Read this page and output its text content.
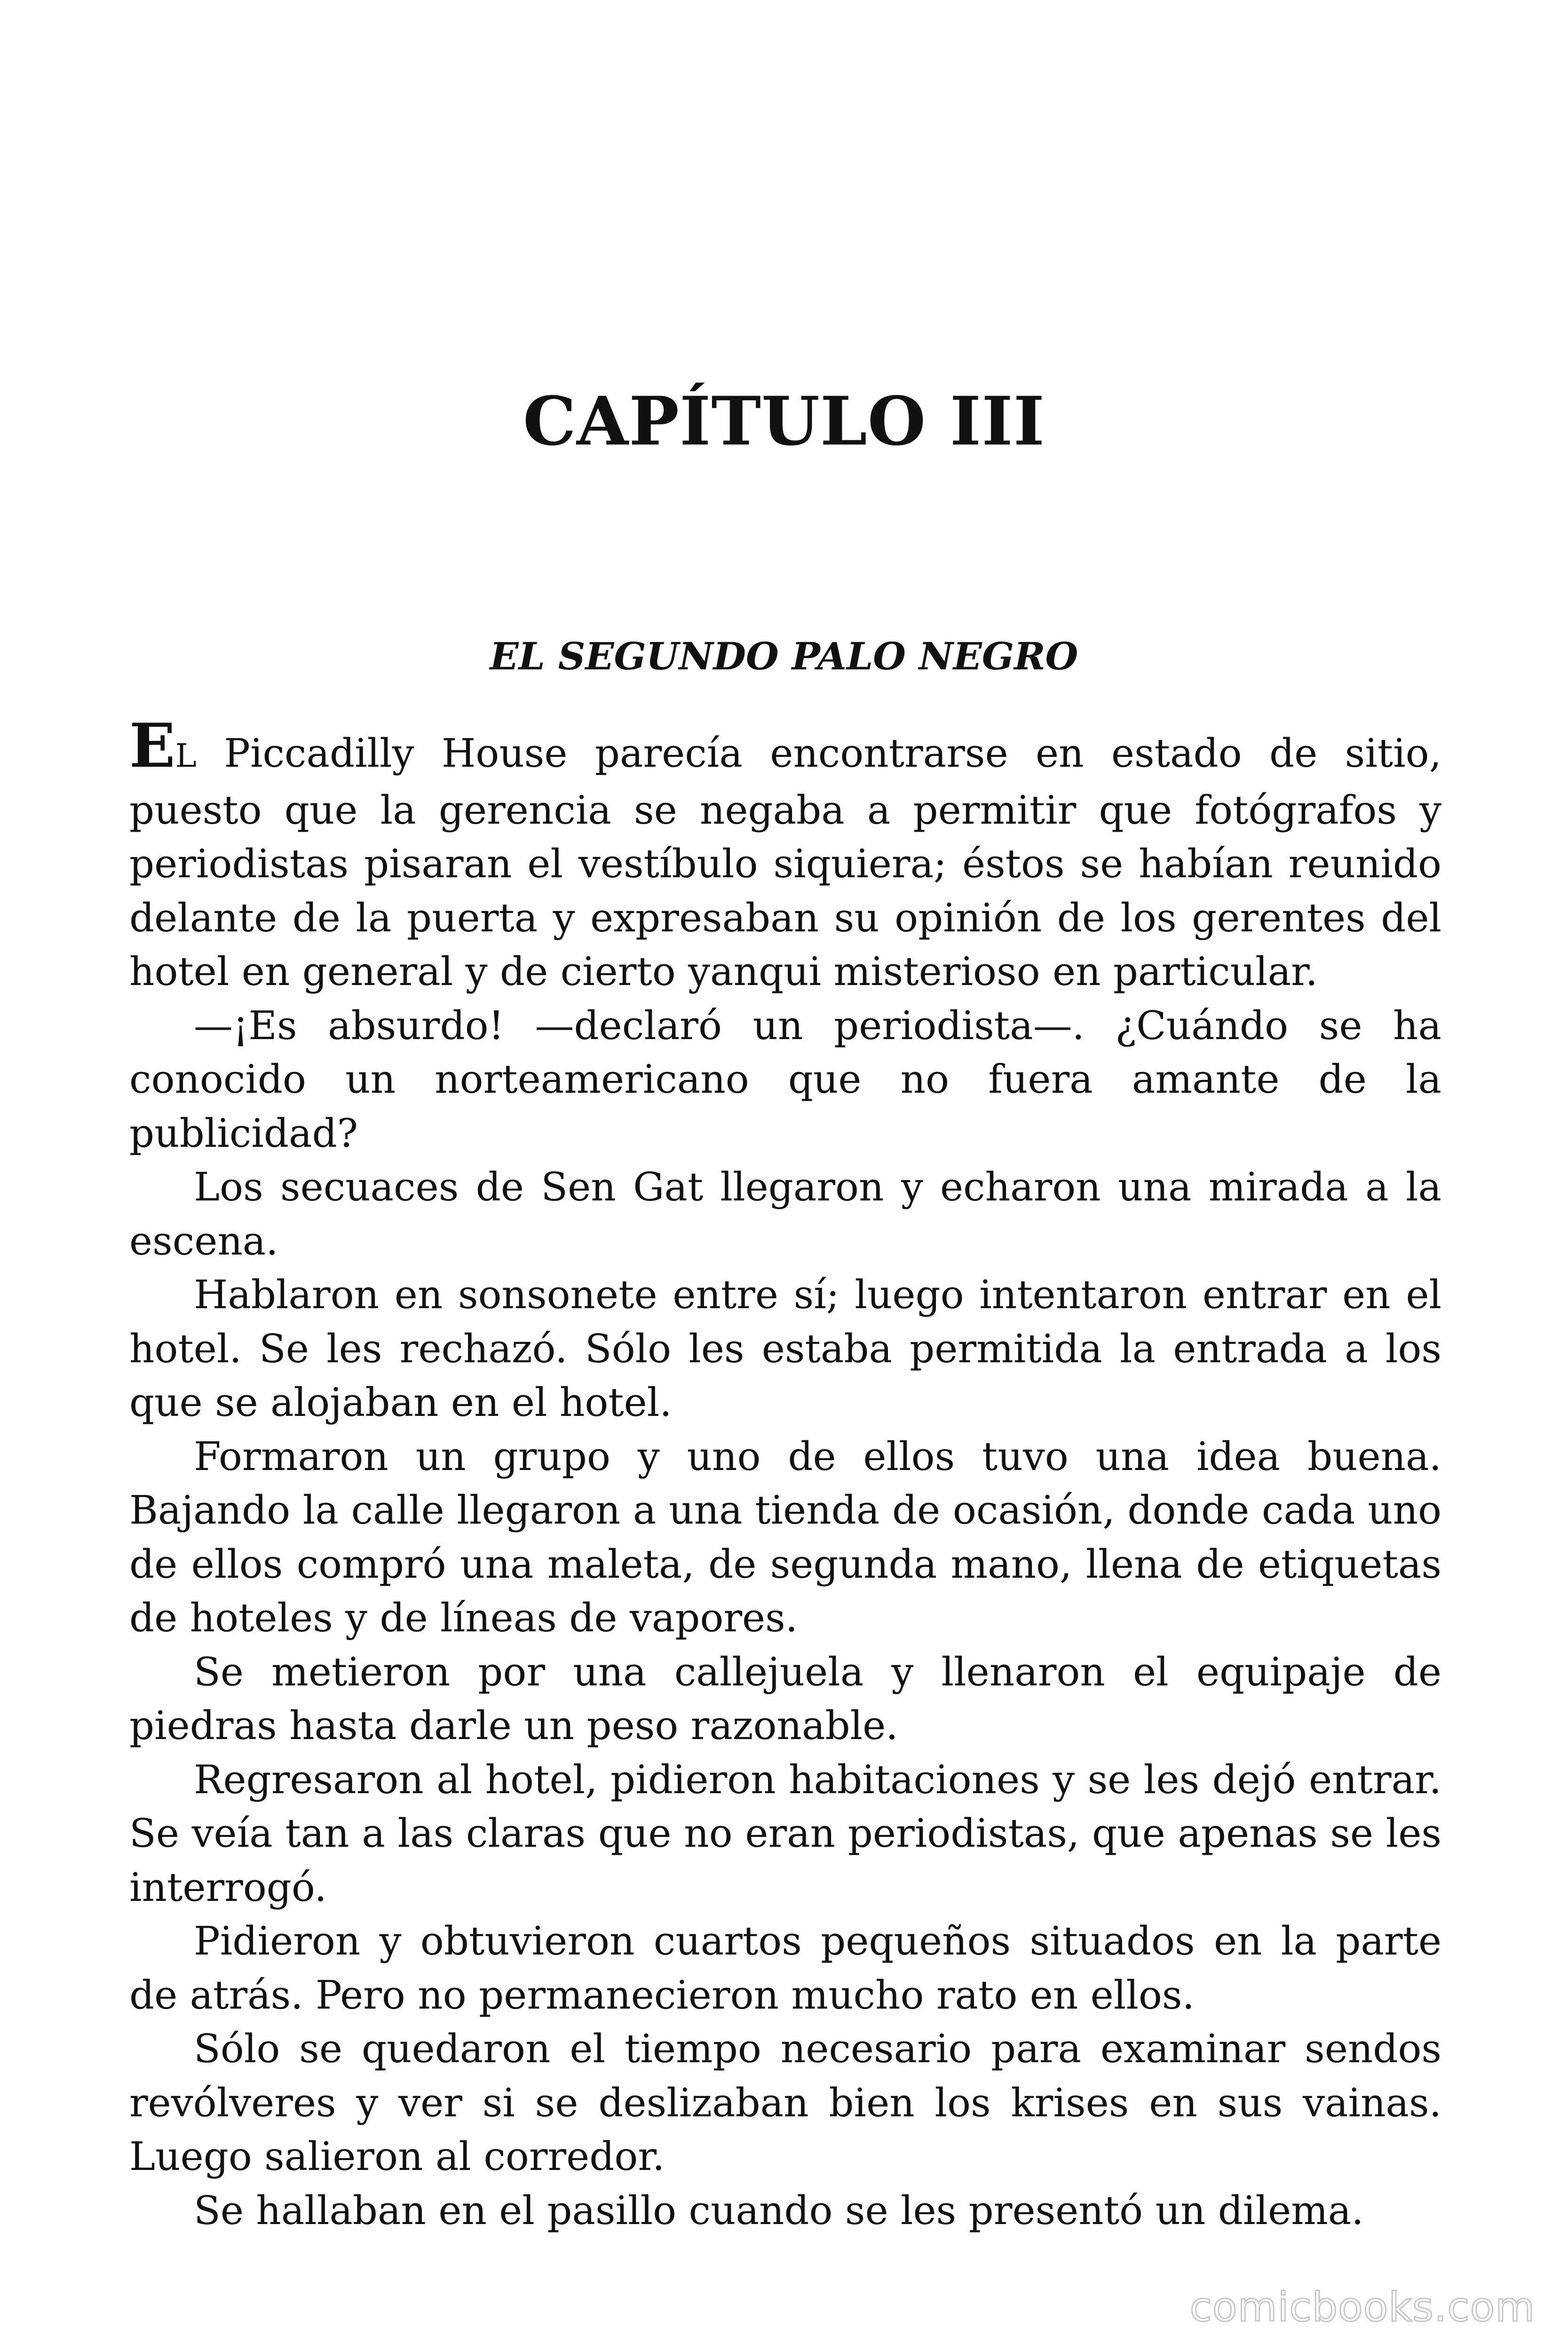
CAPÍTULO III
EL SEGUNDO PALO NEGRO

EL Piccadilly House parecía encontrarse en estado de sitio, puesto que la gerencia se negaba a permitir que fotógrafos y periodistas pisaran el vestíbulo siquiera; éstos se habían reunido delante de la puerta y expresaban su opinión de los gerentes del hotel en general y de cierto yanqui misterioso en particular.

—¡Es absurdo! —declaró un periodista—. ¿Cuándo se ha conocido un norteamericano que no fuera amante de la publicidad?

Los secuaces de Sen Gat llegaron y echaron una mirada a la escena.

Hablaron en sonsonete entre sí; luego intentaron entrar en el hotel. Se les rechazó. Sólo les estaba permitida la entrada a los que se alojaban en el hotel.

Formaron un grupo y uno de ellos tuvo una idea buena. Bajando la calle llegaron a una tienda de ocasión, donde cada uno de ellos compró una maleta, de segunda mano, llena de etiquetas de hoteles y de líneas de vapores.

Se metieron por una callejuela y llenaron el equipaje de piedras hasta darle un peso razonable.

Regresaron al hotel, pidieron habitaciones y se les dejó entrar. Se veía tan a las claras que no eran periodistas, que apenas se les interrogó.

Pidieron y obtuvieron cuartos pequeños situados en la parte de atrás. Pero no permanecieron mucho rato en ellos.

Sólo se quedaron el tiempo necesario para examinar sendos revólveres y ver si se deslizaban bien los krises en sus vainas. Luego salieron al corredor.

Se hallaban en el pasillo cuando se les presentó un dilema.

comicbooks.com
